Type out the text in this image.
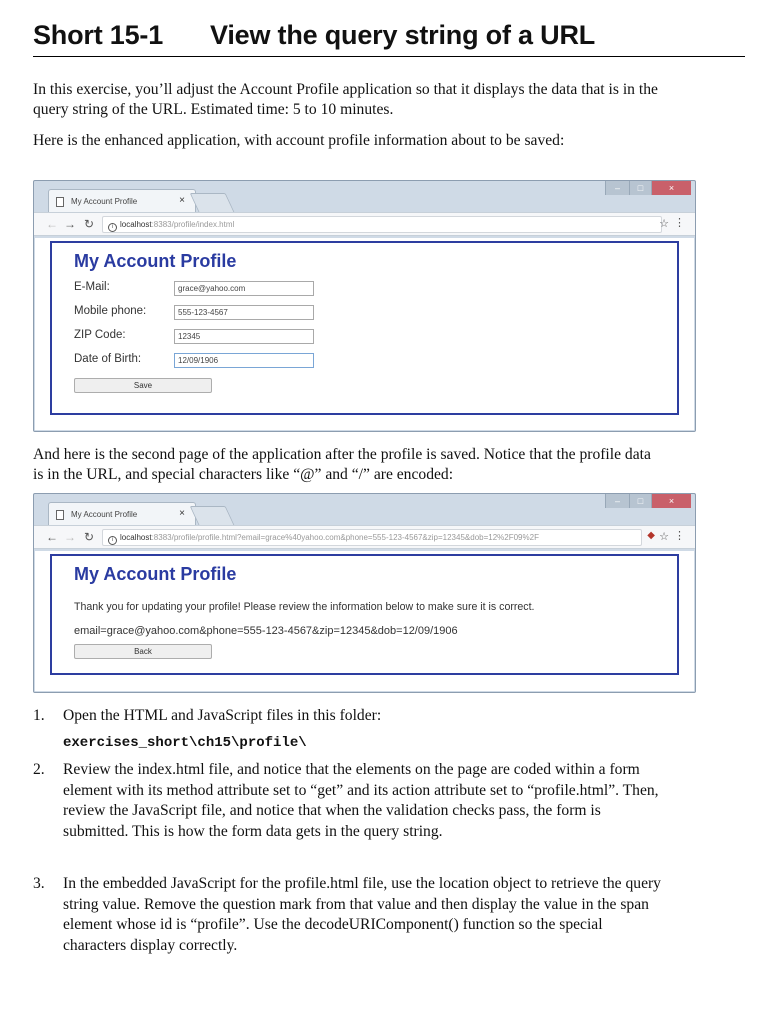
Short 15-1 View the query string of a URL

In this exercise, you’ll adjust the Account Profile application so that it displays the data that is in the query string of the URL. Estimated time: 5 to 10 minutes.

Here is the enhanced application, with account profile information about to be saved:

My Account Profile	×
–	□	×
← → ↻	i localhost:8383/profile/index.html	☆ ⋮
My Account Profile
E-Mail:
grace@yahoo.com
Mobile phone:
555-123-4567
ZIP Code:
12345
Date of Birth:
12/09/1906
Save

And here is the second page of the application after the profile is saved. Notice that the profile data is in the URL, and special characters like “@” and “/” are encoded:

My Account Profile	×
–	□	×
← → ↻	i localhost:8383/profile/profile.html?email=grace%40yahoo.com&phone=555-123-4567&zip=12345&dob=12%2F09%2F	◆ ☆ ⋮
My Account Profile
Thank you for updating your profile! Please review the information below to make sure it is correct.
email=grace@yahoo.com&phone=555-123-4567&zip=12345&dob=12/09/1906
Back
1. Open the HTML and JavaScript files in this folder:
exercises_short\ch15\profile\
2. Review the index.html file, and notice that the elements on the page are coded within a form element with its method attribute set to “get” and its action attribute set to “profile.html”. Then, review the JavaScript file, and notice that when the validation checks pass, the form is submitted. This is how the form data gets in the query string.
3. In the embedded JavaScript for the profile.html file, use the location object to retrieve the query string value. Remove the question mark from that value and then display the value in the span element whose id is “profile”. Use the decodeURIComponent() function so the special characters display correctly.
